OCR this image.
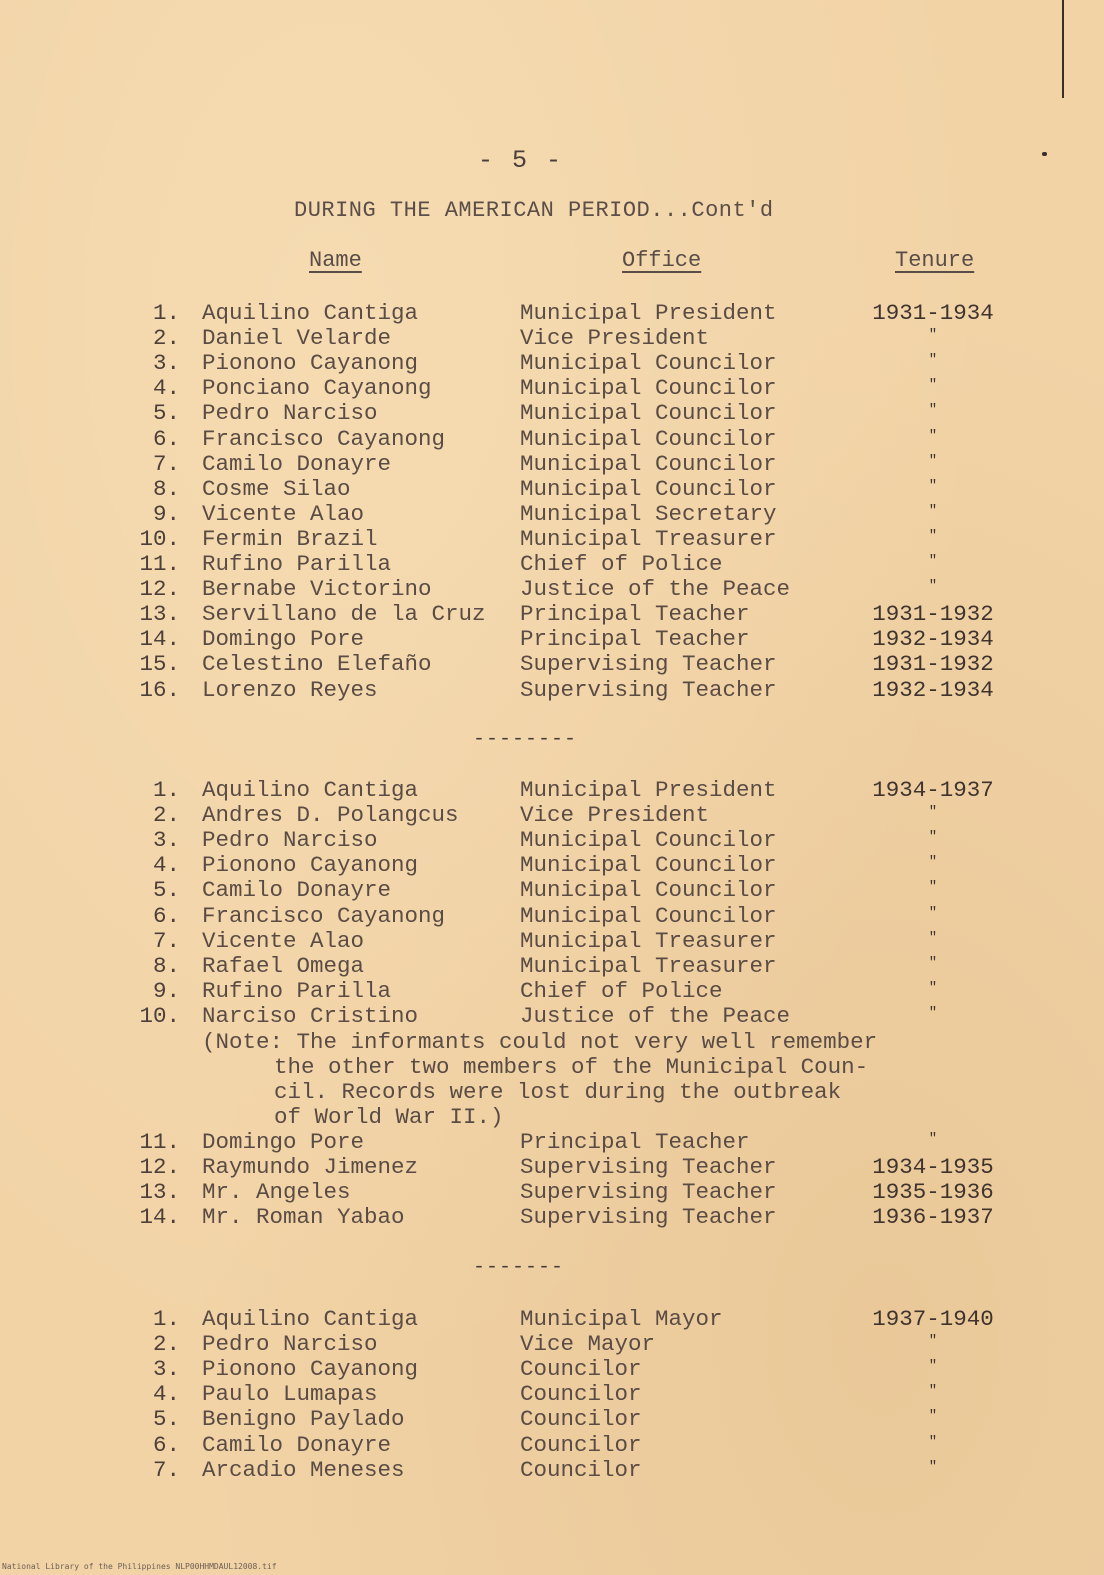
- 5 -
DURING THE AMERICAN PERIOD...Cont'd
Name	Office	Tenure
1. Aquilino Cantiga	Municipal President	1931-1934
2. Daniel Velarde	Vice President	"
3. Pionono Cayanong	Municipal Councilor	"
4. Ponciano Cayanong	Municipal Councilor	"
5. Pedro Narciso	Municipal Councilor	"
6. Francisco Cayanong	Municipal Councilor	"
7. Camilo Donayre	Municipal Councilor	"
8. Cosme Silao	Municipal Councilor	"
9. Vicente Alao	Municipal Secretary	"
10. Fermin Brazil	Municipal Treasurer	"
11. Rufino Parilla	Chief of Police	"
12. Bernabe Victorino	Justice of the Peace	"
13. Servillano de la Cruz Principal Teacher	1931-1932
14. Domingo Pore	Principal Teacher	1932-1934
15. Celestino Elefaño	Supervising Teacher	1931-1932
16. Lorenzo Reyes	Supervising Teacher	1932-1934
--------
1. Aquilino Cantiga	Municipal President	1934-1937
2. Andres D. Polangcus	Vice President	"
3. Pedro Narciso	Municipal Councilor	"
4. Pionono Cayanong	Municipal Councilor	"
5. Camilo Donayre	Municipal Councilor	"
6. Francisco Cayanong	Municipal Councilor	"
7. Vicente Alao	Municipal Treasurer	"
8. Rafael Omega	Municipal Treasurer	"
9. Rufino Parilla	Chief of Police	"
10. Narciso Cristino	Justice of the Peace	"
(Note: The informants could not very well remember
the other two members of the Municipal Coun-
cil. Records were lost during the outbreak
of World War II.)
11. Domingo Pore	Principal Teacher	"
12. Raymundo Jimenez	Supervising Teacher	1934-1935
13. Mr. Angeles	Supervising Teacher	1935-1936
14. Mr. Roman Yabao	Supervising Teacher	1936-1937
-------
1. Aquilino Cantiga	Municipal Mayor	1937-1940
2. Pedro Narciso	Vice Mayor	"
3. Pionono Cayanong	Councilor	"
4. Paulo Lumapas	Councilor	"
5. Benigno Paylado	Councilor	"
6. Camilo Donayre	Councilor	"
7. Arcadio Meneses	Councilor	"
National Library of the Philippines NLP00HHMDAUL12008.tif
